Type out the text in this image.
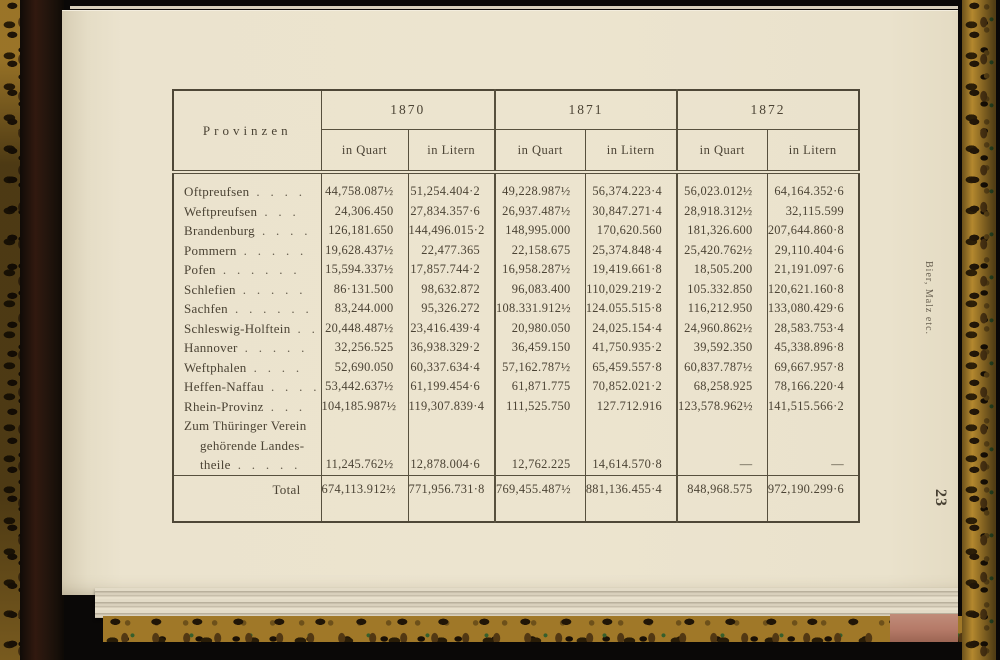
Provinzen	1870		1871		1872	
	in Quart	in Litern	in Quart	in Litern	in Quart	in Litern
Oftpreufsen . . . .	44,758.087½	51,254.404·2	49,228.987½	56,374.223·4	56,023.012½	64,164.352·6
Weftpreufsen . . .	24,306.450	27,834.357·6	26,937.487½	30,847.271·4	28,918.312½	32,115.599
Brandenburg . . . .	126,181.650	144,496.015·2	148,995.000	170,620.560	181,326.600	207,644.860·8
Pommern . . . . .	19,628.437½	22,477.365	22,158.675	25,374.848·4	25,420.762½	29,110.404·6
Pofen . . . . . .	15,594.337½	17,857.744·2	16,958.287½	19,419.661·8	18,505.200	21,191.097·6
Schlefien . . . . .	86·131.500	98,632.872	96,083.400	110,029.219·2	105.332.850	120,621.160·8
Sachfen . . . . . .	83,244.000	95,326.272	108.331.912½	124.055.515·8	116,212.950	133,080.429·6
Schleswig-Holftein . .	20,448.487½	23,416.439·4	20,980.050	24,025.154·4	24,960.862½	28,583.753·4
Hannover . . . . .	32,256.525	36,938.329·2	36,459.150	41,750.935·2	39,592.350	45,338.896·8
Weftphalen . . . .	52,690.050	60,337.634·4	57,162.787½	65,459.557·8	60,837.787½	69,667.957·8
Heffen-Naffau . . . .	53,442.637½	61,199.454·6	61,871.775	70,852.021·2	68,258.925	78,166.220·4
Rhein-Provinz . . .	104,185.987½	119,307.839·4	111,525.750	127.712.916	123,578.962½	141,515.566·2

Zum Thüringer Verein
gehörende Landes-
theile . . . . .	11,245.762½	12,878.004·6	12,762.225	14,614.570·8	—	—
Total	674,113.912½	771,956.731·8	769,455.487½	881,136.455·4	848,968.575	972,190.299·6
Bier, Malz etc.
23
